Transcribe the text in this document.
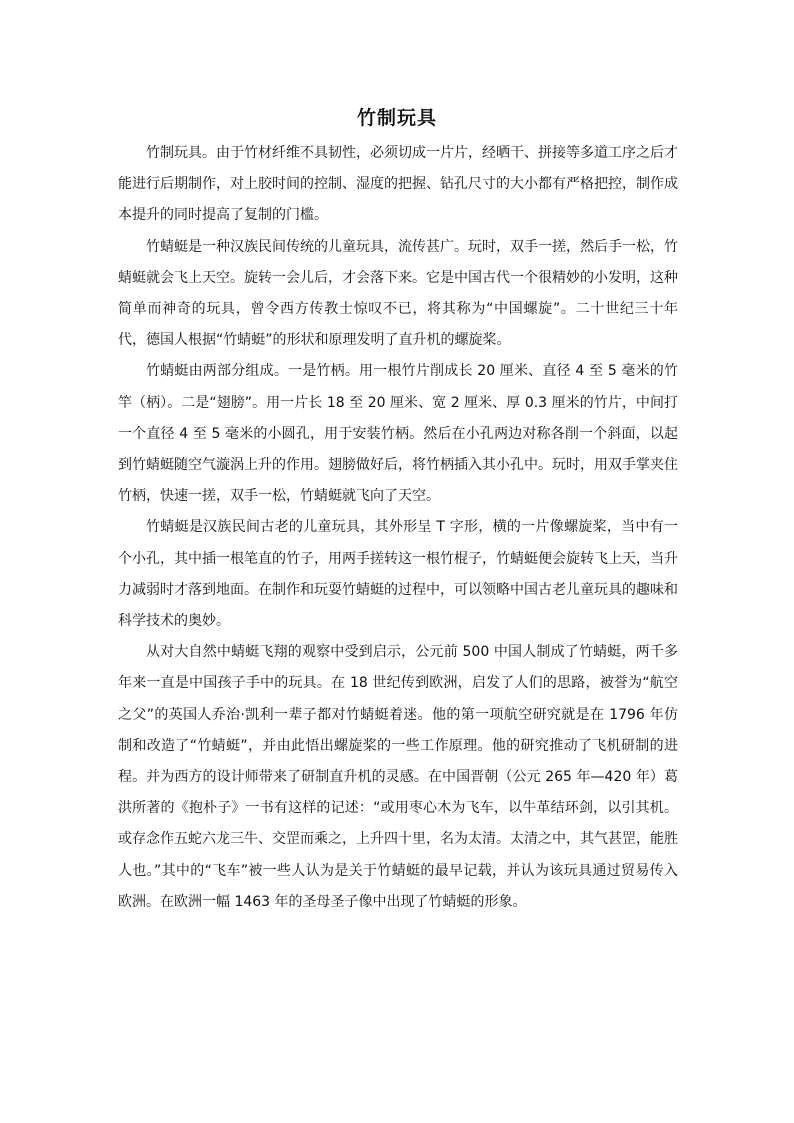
竹制玩具

竹制玩具。由于竹材纤维不具韧性，必须切成一片片，经晒干、拼接等多道工序之后才能进行后期制作，对上胶时间的控制、湿度的把握、钻孔尺寸的大小都有严格把控，制作成本提升的同时提高了复制的门槛。

竹蜻蜓是一种汉族民间传统的儿童玩具，流传甚广。玩时，双手一搓，然后手一松，竹蜻蜓就会飞上天空。旋转一会儿后，才会落下来。它是中国古代一个很精妙的小发明，这种简单而神奇的玩具，曾令西方传教士惊叹不已，将其称为“中国螺旋”。二十世纪三十年代，德国人根据“竹蜻蜓”的形状和原理发明了直升机的螺旋桨。

竹蜻蜓由两部分组成。一是竹柄。用一根竹片削成长 20 厘米、直径 4 至 5 毫米的竹竿（柄）。二是“翅膀”。用一片长 18 至 20 厘米、宽 2 厘米、厚 0.3 厘米的竹片，中间打一个直径 4 至 5 毫米的小圆孔，用于安装竹柄。然后在小孔两边对称各削一个斜面，以起到竹蜻蜓随空气漩涡上升的作用。翅膀做好后，将竹柄插入其小孔中。玩时，用双手掌夹住竹柄，快速一搓，双手一松，竹蜻蜓就飞向了天空。

竹蜻蜓是汉族民间古老的儿童玩具，其外形呈 T 字形，横的一片像螺旋桨，当中有一个小孔，其中插一根笔直的竹子，用两手搓转这一根竹棍子，竹蜻蜓便会旋转飞上天，当升力减弱时才落到地面。在制作和玩耍竹蜻蜓的过程中，可以领略中国古老儿童玩具的趣味和科学技术的奥妙。

从对大自然中蜻蜓飞翔的观察中受到启示，公元前 500 中国人制成了竹蜻蜓，两千多年来一直是中国孩子手中的玩具。在 18 世纪传到欧洲，启发了人们的思路，被誉为“航空之父”的英国人乔治·凯利一辈子都对竹蜻蜓着迷。他的第一项航空研究就是在 1796 年仿制和改造了“竹蜻蜓”，并由此悟出螺旋桨的一些工作原理。他的研究推动了飞机研制的进程。并为西方的设计师带来了研制直升机的灵感。在中国晋朝（公元 265 年—420 年）葛洪所著的《抱朴子》一书有这样的记述：“或用枣心木为飞车，以牛革结环剑，以引其机。或存念作五蛇六龙三牛、交罡而乘之，上升四十里，名为太清。太清之中，其气甚罡，能胜人也。”其中的“飞车”被一些人认为是关于竹蜻蜓的最早记载，并认为该玩具通过贸易传入欧洲。在欧洲一幅 1463 年的圣母圣子像中出现了竹蜻蜓的形象。
